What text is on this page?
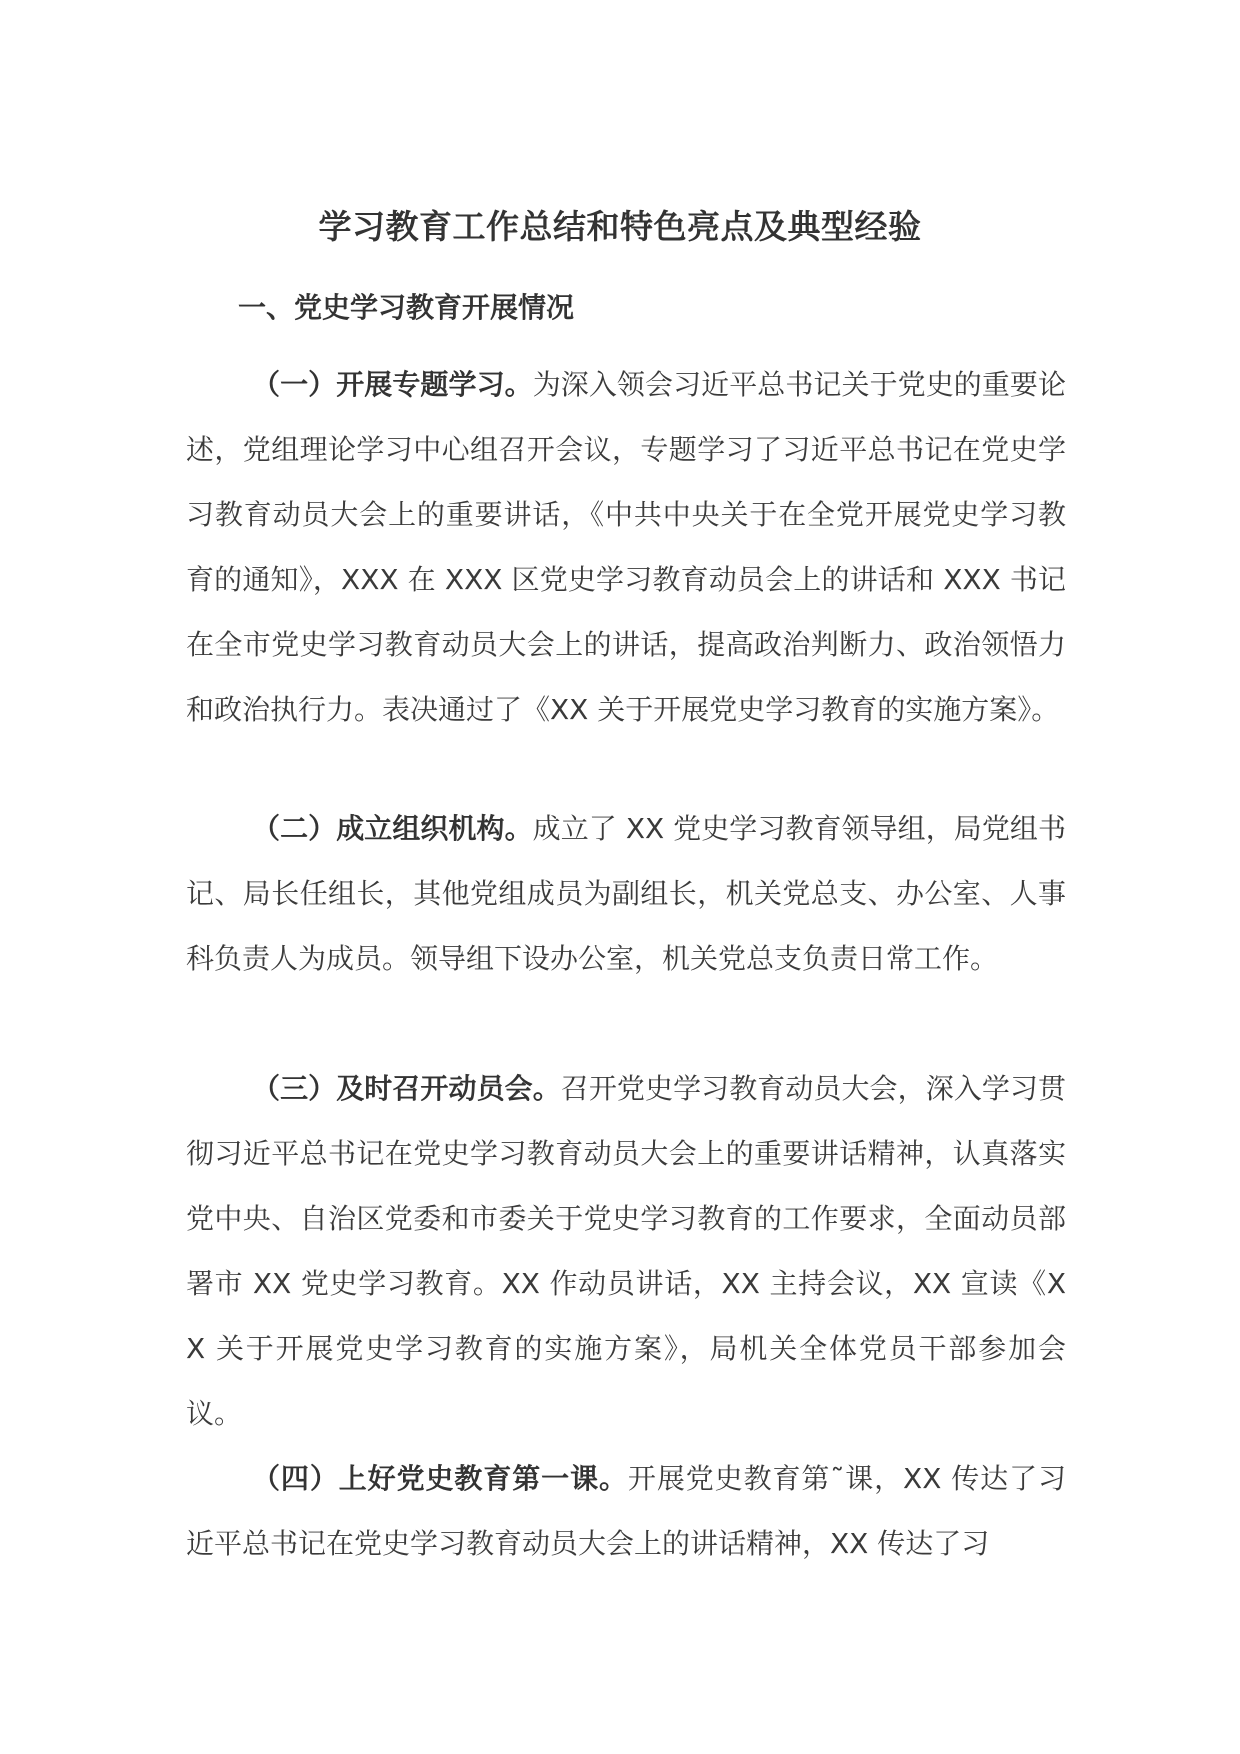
学习教育工作总结和特色亮点及典型经验
一、党史学习教育开展情况

（一）开展专题学习。为深入领会习近平总书记关于党史的重要论述，党组理论学习中心组召开会议，专题学习了习近平总书记在党史学习教育动员大会上的重要讲话，《中共中央关于在全党开展党史学习教育的通知》，XXX 在 XXX 区党史学习教育动员会上的讲话和 XXX 书记在全市党史学习教育动员大会上的讲话，提高政治判断力、政治领悟力和政治执行力。表决通过了《XX 关于开展党史学习教育的实施方案》。

（二）成立组织机构。成立了 XX 党史学习教育领导组，局党组书记、局长任组长，其他党组成员为副组长，机关党总支、办公室、人事科负责人为成员。领导组下设办公室，机关党总支负责日常工作。

（三）及时召开动员会。召开党史学习教育动员大会，深入学习贯彻习近平总书记在党史学习教育动员大会上的重要讲话精神，认真落实党中央、自治区党委和市委关于党史学习教育的工作要求，全面动员部署市 XX 党史学习教育。XX 作动员讲话，XX 主持会议，XX 宣读《XX 关于开展党史学习教育的实施方案》，局机关全体党员干部参加会议。

（四）上好党史教育第一课。开展党史教育第˜课，XX 传达了习近平总书记在党史学习教育动员大会上的讲话精神，XX 传达了习
